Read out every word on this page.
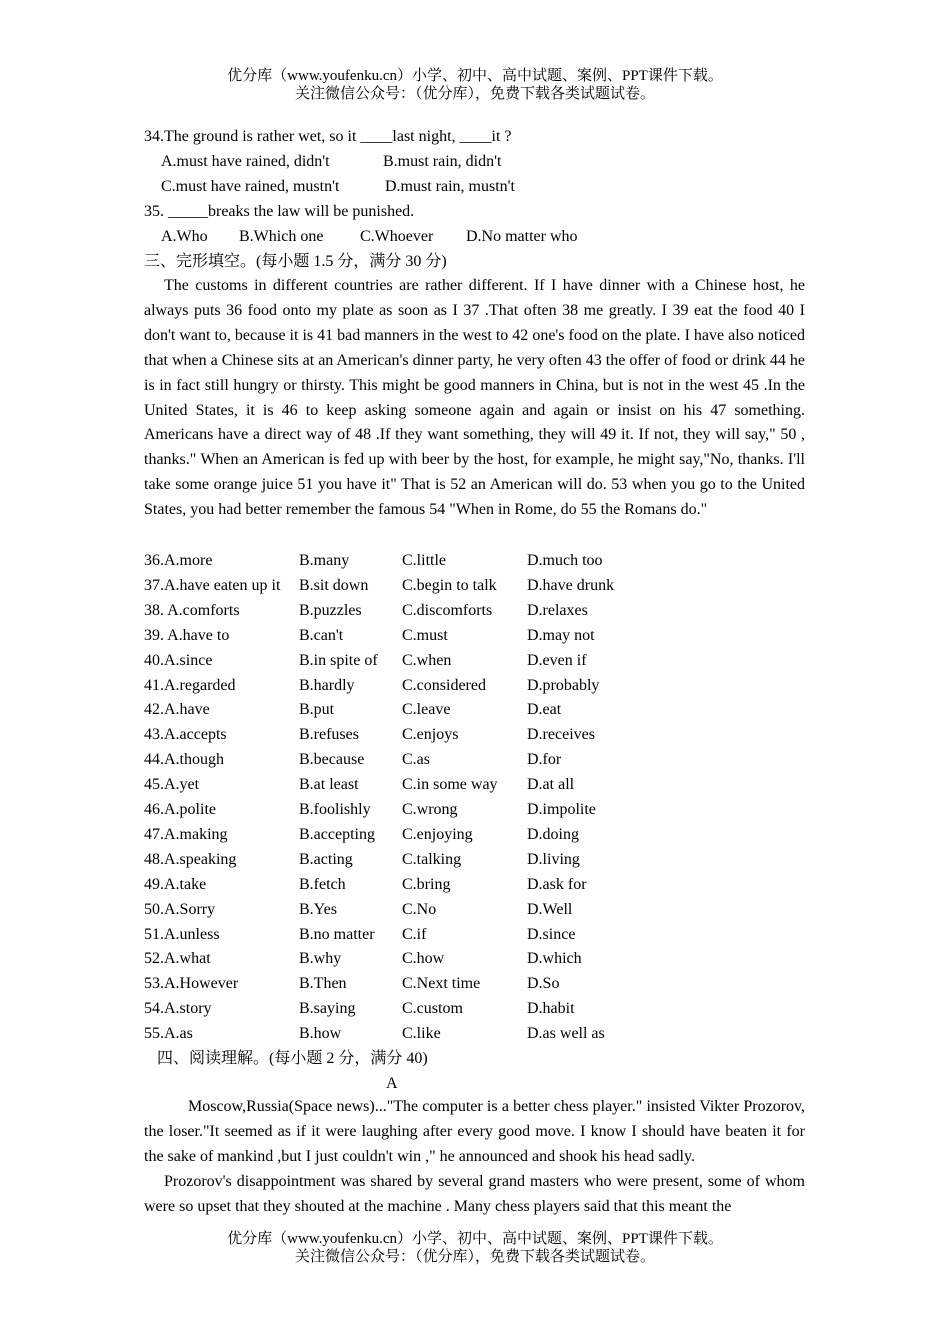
优分库（www.youfenku.cn）小学、初中、高中试题、案例、PPT课件下载。
关注微信公众号：（优分库），免费下载各类试题试卷。
34.The ground is rather wet, so it ____last night, ____it ?
A.must have rained, didn't	B.must rain, didn't
C.must have rained, mustn't	D.must rain, mustn't
35. _____breaks the law will be punished.
A.Who B.Which one C.Whoever D.No matter who
三、完形填空。(每小题 1.5 分，满分 30 分)
The customs in different countries are rather different. If I have dinner with a Chinese host, he always puts 36 food onto my plate as soon as I 37 .That often 38 me greatly. I 39 eat the food 40 I don't want to, because it is 41 bad manners in the west to 42 one's food on the plate. I have also noticed that when a Chinese sits at an American's dinner party, he very often 43 the offer of food or drink 44 he is in fact still hungry or thirsty. This might be good manners in China, but is not in the west 45 .In the United States, it is 46 to keep asking someone again and again or insist on his 47 something. Americans have a direct way of 48 .If they want something, they will 49 it. If not, they will say," 50 , thanks." When an American is fed up with beer by the host, for example, he might say,"No, thanks. I'll take some orange juice 51 you have it" That is 52 an American will do. 53 when you go to the United States, you had better remember the famous 54 "When in Rome, do 55 the Romans do."
36.A.more	B.many	C.little	D.much too
37.A.have eaten up it B.sit down C.begin to talk D.have drunk
38. A.comforts	B.puzzles	C.discomforts D.relaxes
39. A.have to	B.can't	C.must	D.may not
40.A.since	B.in spite of C.when	D.even if
41.A.regarded	B.hardly	C.considered	D.probably
42.A.have	B.put	C.leave	D.eat
43.A.accepts	B.refuses	C.enjoys	D.receives
44.A.though	B.because C.as	D.for
45.A.yet	B.at least	C.in some way D.at all
46.A.polite	B.foolishly C.wrong	D.impolite
47.A.making	B.accepting C.enjoying	D.doing
48.A.speaking	B.acting	C.talking	D.living
49.A.take	B.fetch	C.bring	D.ask for
50.A.Sorry	B.Yes	C.No	D.Well
51.A.unless	B.no matter C.if	D.since
52.A.what	B.why	C.how	D.which
53.A.However	B.Then	C.Next time	D.So
54.A.story	B.saying	C.custom	D.habit
55.A.as	B.how	C.like	D.as well as
四、阅读理解。(每小题 2 分，满分 40)
A
Moscow,Russia(Space news)..."The computer is a better chess player." insisted Vikter Prozorov, the loser."It seemed as if it were laughing after every good move. I know I should have beaten it for the sake of mankind ,but I just couldn't win ," he announced and shook his head sadly.
Prozorov's disappointment was shared by several grand masters who were present, some of whom were so upset that they shouted at the machine . Many chess players said that this meant the
优分库（www.youfenku.cn）小学、初中、高中试题、案例、PPT课件下载。
关注微信公众号：（优分库），免费下载各类试题试卷。
